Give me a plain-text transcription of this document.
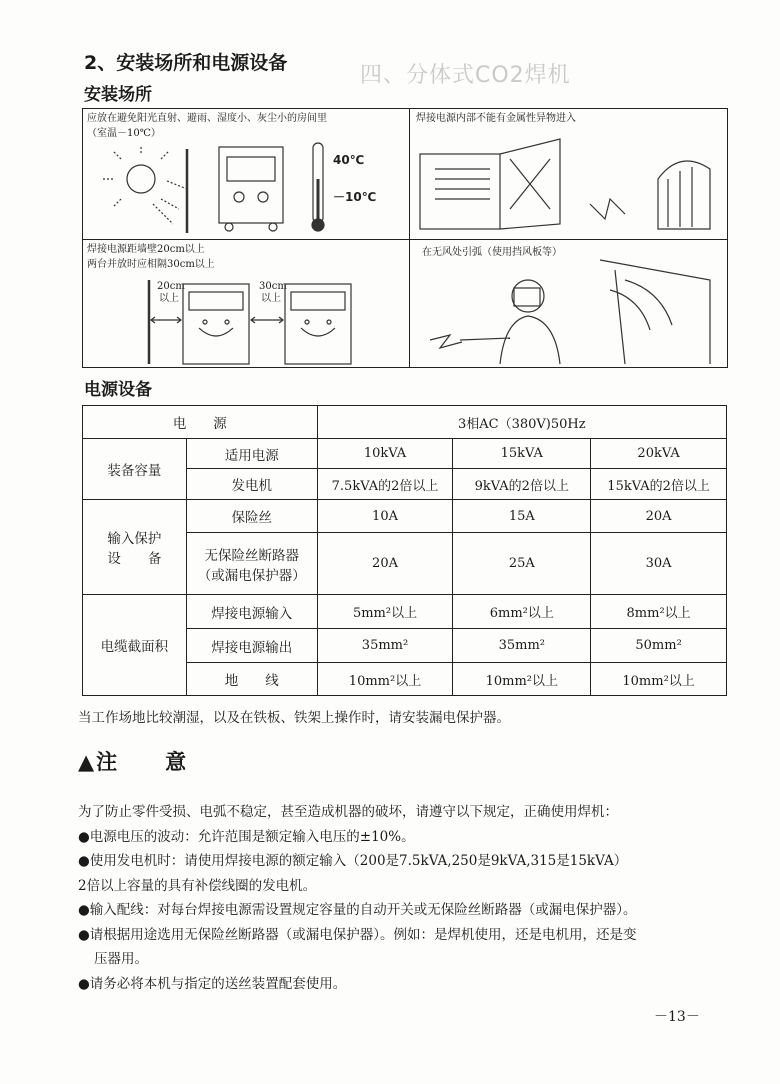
四、分体式CO2焊机
2、安装场所和电源设备
安装场所
应放在避免阳光直射、避雨、湿度小、灰尘小的房间里
（室温－10℃）
40℃
－10℃
焊接电源内部不能有金属性异物进入
焊接电源距墙壁20cm以上
两台并放时应相隔30cm以上
20cm
以上
30cm
以上
在无风处引弧（使用挡风板等）
电源设备
电　　源		3相AC（380V)50Hz		
装备容量	适用电源	10kVA	15kVA	20kVA
	发电机	7.5kVA的2倍以上	9kVA的2倍以上	15kVA的2倍以上

输入保护
设　　备	保险丝	10A	15A	20A

	无保险丝断路器
（或漏电保护器）	20A	25A	30A
电缆截面积	焊接电源输入	5mm²以上	6mm²以上	8mm²以上
	焊接电源输出	35mm²	35mm²	50mm²
	地　　线	10mm²以上	10mm²以上	10mm²以上
当工作场地比较潮湿，以及在铁板、铁架上操作时，请安装漏电保护器。
▲注　　意

为了防止零件受损、电弧不稳定，甚至造成机器的破坏，请遵守以下规定，正确使用焊机：

●电源电压的波动：允许范围是额定输入电压的±10%。

●使用发电机时：请使用焊接电源的额定输入（200是7.5kVA,250是9kVA,315是15kVA）

2倍以上容量的具有补偿线圈的发电机。

●输入配线：对每台焊接电源需设置规定容量的自动开关或无保险丝断路器（或漏电保护器）。

●请根据用途选用无保险丝断路器（或漏电保护器）。例如：是焊机使用，还是电机用，还是变

压器用。

●请务必将本机与指定的送丝装置配套使用。

－13－
